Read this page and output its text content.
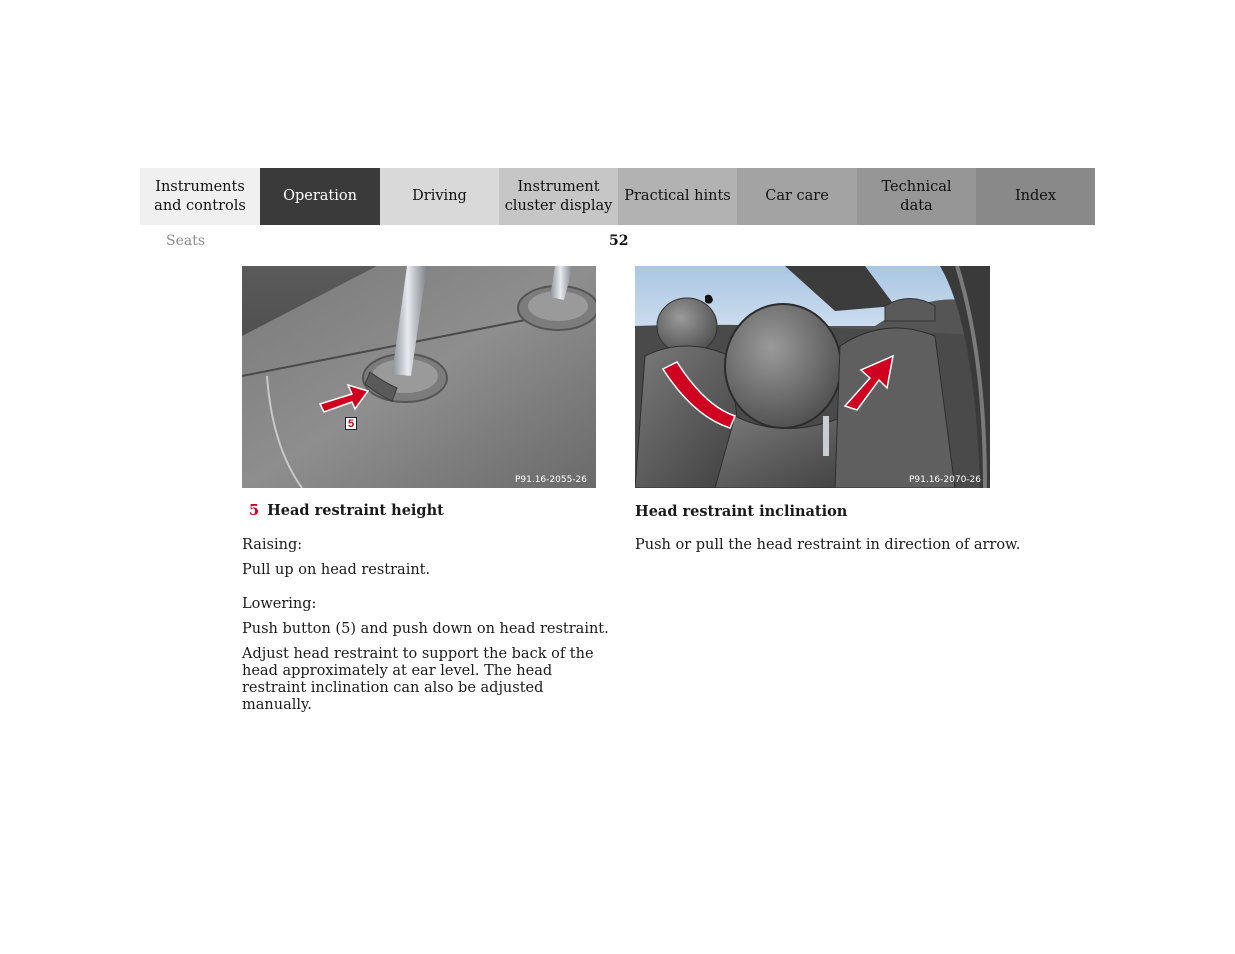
Instruments
and controls
Operation	Driving
Instrument
cluster display
Practical hints Car care
Technical
data
Index
Seats	52
P91.16-2055-26
5
P91.16-2070-26
5 Head restraint height
Raising:
Pull up on head restraint.
Lowering:
Push button (5) and push down on head restraint.
Adjust head restraint to support the back of the head approximately at ear level. The head restraint inclination can also be adjusted manually.
Head restraint inclination
Push or pull the head restraint in direction of arrow.
